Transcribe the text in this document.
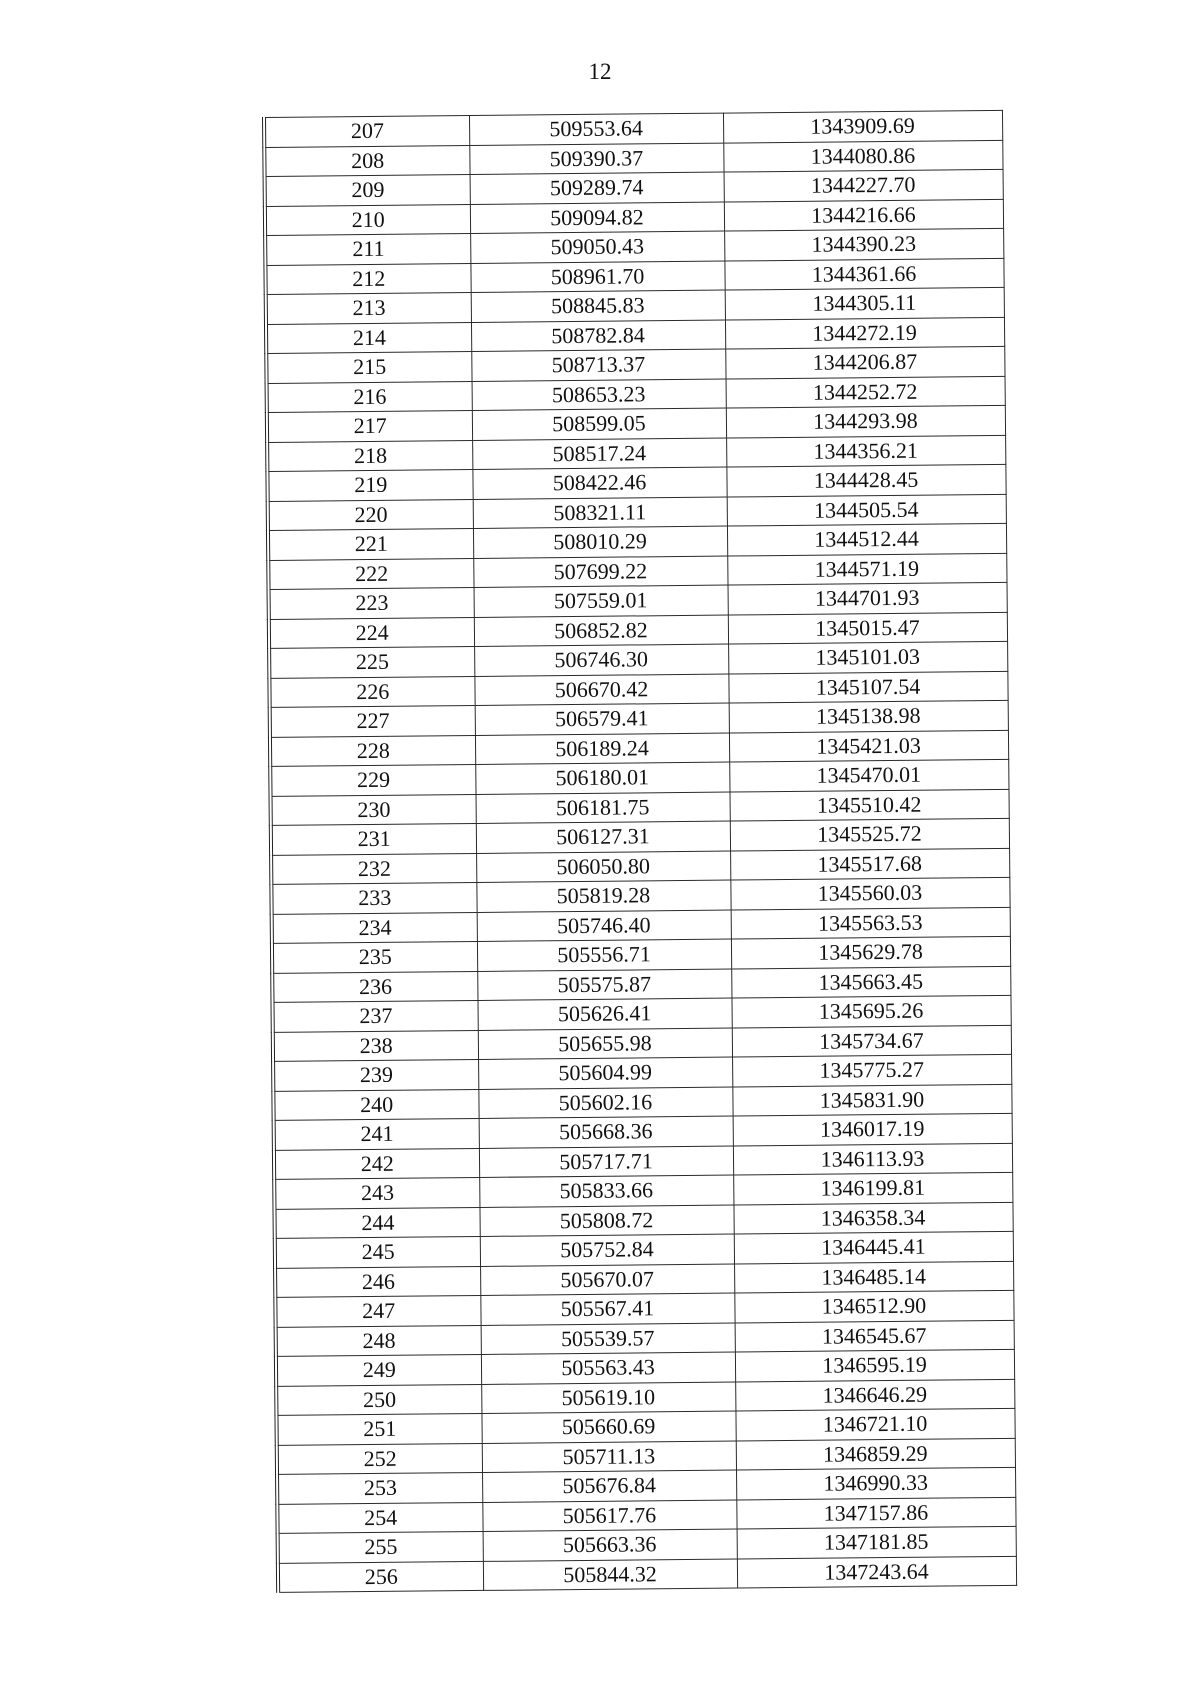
12
207	509553.64	1343909.69
208	509390.37	1344080.86
209	509289.74	1344227.70
210	509094.82	1344216.66
211	509050.43	1344390.23
212	508961.70	1344361.66
213	508845.83	1344305.11
214	508782.84	1344272.19
215	508713.37	1344206.87
216	508653.23	1344252.72
217	508599.05	1344293.98
218	508517.24	1344356.21
219	508422.46	1344428.45
220	508321.11	1344505.54
221	508010.29	1344512.44
222	507699.22	1344571.19
223	507559.01	1344701.93
224	506852.82	1345015.47
225	506746.30	1345101.03
226	506670.42	1345107.54
227	506579.41	1345138.98
228	506189.24	1345421.03
229	506180.01	1345470.01
230	506181.75	1345510.42
231	506127.31	1345525.72
232	506050.80	1345517.68
233	505819.28	1345560.03
234	505746.40	1345563.53
235	505556.71	1345629.78
236	505575.87	1345663.45
237	505626.41	1345695.26
238	505655.98	1345734.67
239	505604.99	1345775.27
240	505602.16	1345831.90
241	505668.36	1346017.19
242	505717.71	1346113.93
243	505833.66	1346199.81
244	505808.72	1346358.34
245	505752.84	1346445.41
246	505670.07	1346485.14
247	505567.41	1346512.90
248	505539.57	1346545.67
249	505563.43	1346595.19
250	505619.10	1346646.29
251	505660.69	1346721.10
252	505711.13	1346859.29
253	505676.84	1346990.33
254	505617.76	1347157.86
255	505663.36	1347181.85
256	505844.32	1347243.64
